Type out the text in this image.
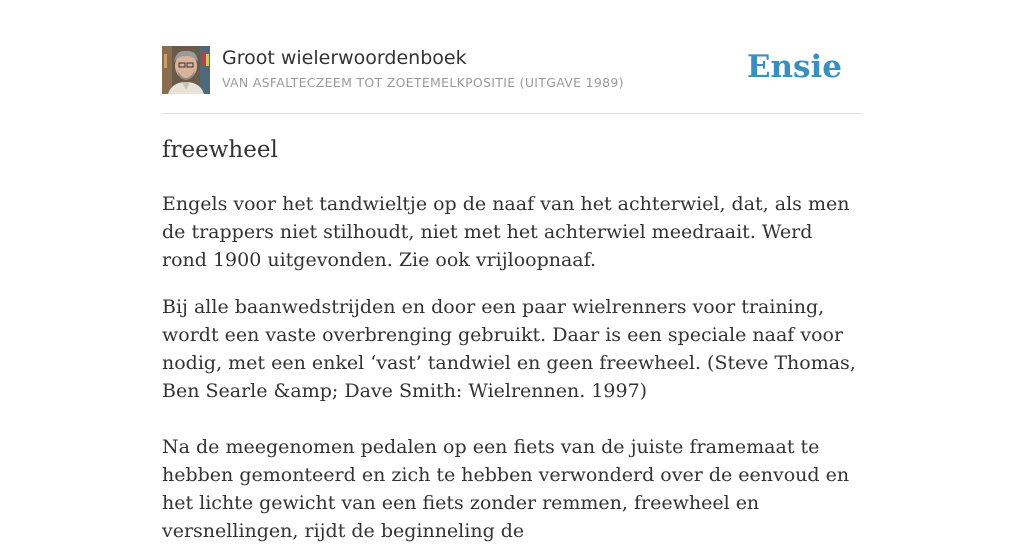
Groot wielerwoordenboek
VAN ASFALTECZEEM TOT ZOETEMELKPOSITIE (UITGAVE 1989)	Ensie
freewheel

Engels voor het tandwieltje op de naaf van het achterwiel, dat, als men de trappers niet stilhoudt, niet met het achterwiel meedraait. Werd rond 1900 uitgevonden. Zie ook vrijloopnaaf.

Bij alle baanwedstrijden en door een paar wielrenners voor training, wordt een vaste overbrenging gebruikt. Daar is een speciale naaf voor nodig, met een enkel ‘vast’ tandwiel en geen freewheel. (Steve Thomas, Ben Searle &amp; Dave Smith: Wielrennen. 1997)

Na de meegenomen pedalen op een fiets van de juiste framemaat te hebben gemonteerd en zich te hebben verwonderd over de eenvoud en het lichte gewicht van een fiets zonder remmen, freewheel en versnellingen, rijdt de beginneling de
